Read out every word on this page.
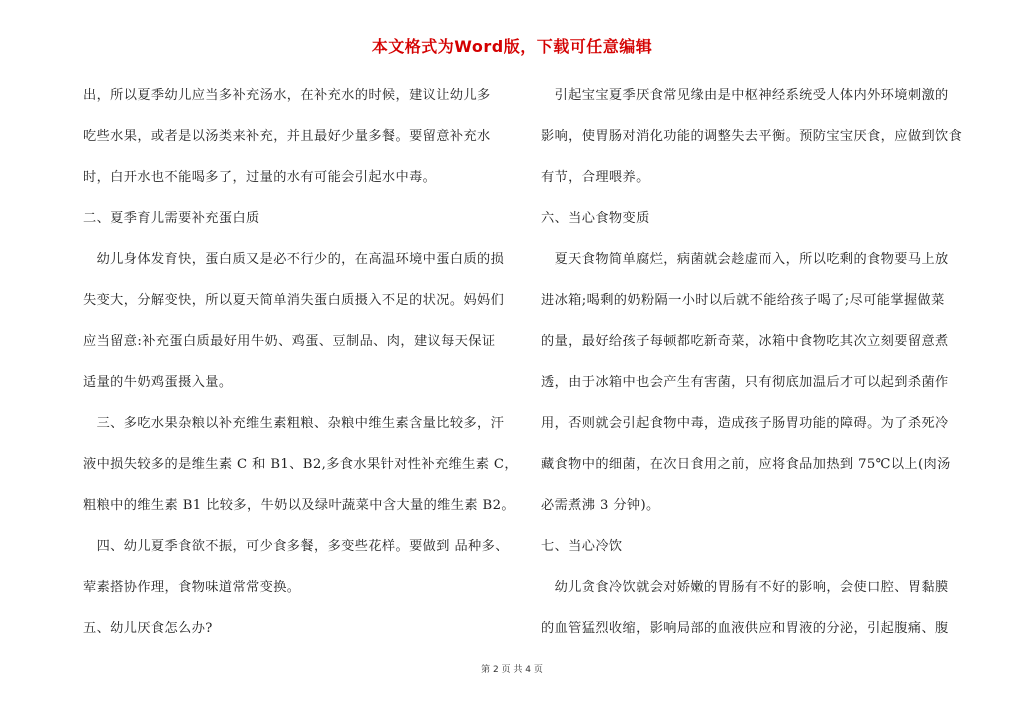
本文格式为Word版，下载可任意编辑
出，所以夏季幼儿应当多补充汤水，在补充水的时候，建议让幼儿多
吃些水果，或者是以汤类来补充，并且最好少量多餐。要留意补充水
时，白开水也不能喝多了，过量的水有可能会引起水中毒。
二、夏季育儿需要补充蛋白质
　幼儿身体发育快，蛋白质又是必不行少的，在高温环境中蛋白质的损
失变大，分解变快，所以夏天简单消失蛋白质摄入不足的状况。妈妈们
应当留意:补充蛋白质最好用牛奶、鸡蛋、豆制品、肉，建议每天保证
适量的牛奶鸡蛋摄入量。
　三、多吃水果杂粮以补充维生素粗粮、杂粮中维生素含量比较多，汗
液中损失较多的是维生素 C 和 B1、B2,多食水果针对性补充维生素 C，
粗粮中的维生素 B1 比较多，牛奶以及绿叶蔬菜中含大量的维生素 B2。
　四、幼儿夏季食欲不振，可少食多餐，多变些花样。要做到 品种多、
荤素搭协作理，食物味道常常变换。
五、幼儿厌食怎么办?
　引起宝宝夏季厌食常见缘由是中枢神经系统受人体内外环境刺激的
影响，使胃肠对消化功能的调整失去平衡。预防宝宝厌食，应做到饮食
有节，合理喂养。
六、当心食物变质
　夏天食物简单腐烂，病菌就会趁虚而入，所以吃剩的食物要马上放
进冰箱;喝剩的奶粉隔一小时以后就不能给孩子喝了;尽可能掌握做菜
的量，最好给孩子每顿都吃新奇菜，冰箱中食物吃其次立刻要留意煮
透，由于冰箱中也会产生有害菌，只有彻底加温后才可以起到杀菌作
用，否则就会引起食物中毒，造成孩子肠胃功能的障碍。为了杀死冷
藏食物中的细菌，在次日食用之前，应将食品加热到 75℃以上(肉汤
必需煮沸 3 分钟)。
七、当心冷饮
　幼儿贪食冷饮就会对娇嫩的胃肠有不好的影响，会使口腔、胃黏膜
的血管猛烈收缩，影响局部的血液供应和胃液的分泌，引起腹痛、腹
第 2 页 共 4 页
